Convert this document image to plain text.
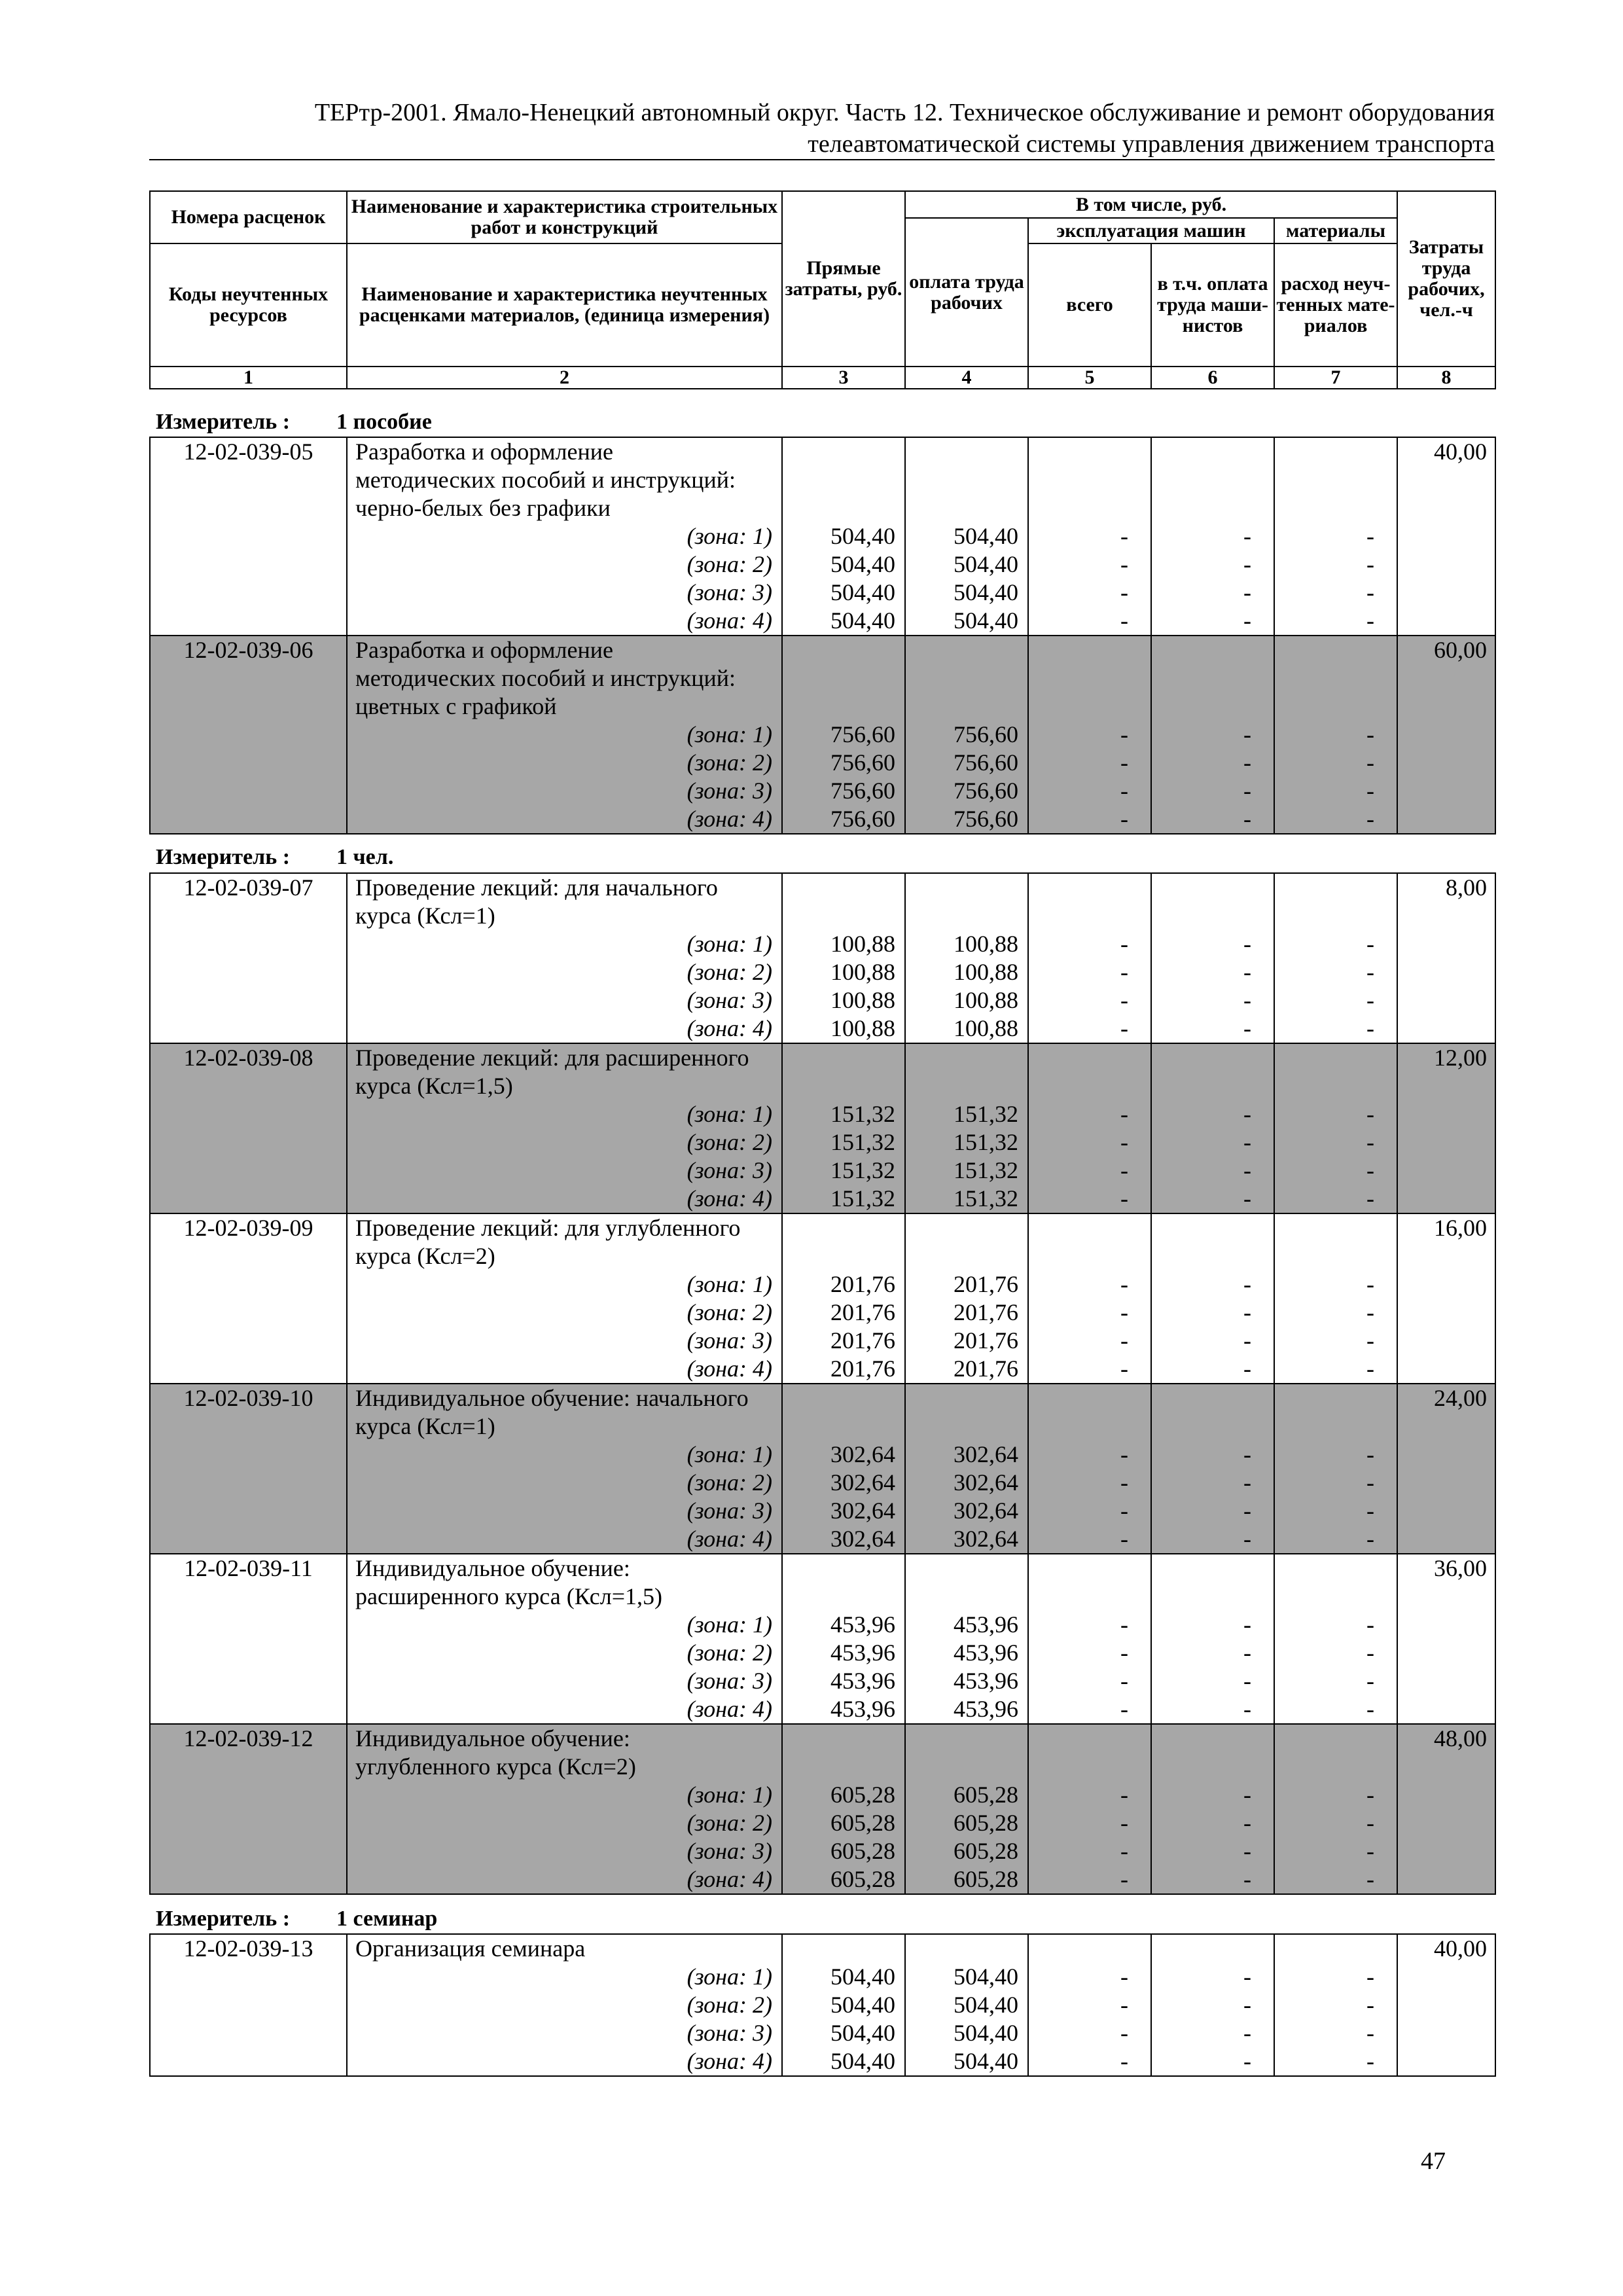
ТЕРтр-2001. Ямало-Ненецкий автономный округ. Часть 12. Техническое обслуживание и ремонт оборудования
телеавтоматической системы управления движением транспорта
Номера расценок	Наименование и характеристика строительных работ и конструкций	Прямые затраты, руб.	В том числе, руб.				Затраты труда рабочих, чел.-ч
			оплата труда рабочих	эксплуатация машин		материалы	
Коды неучтенных ресурсов	Наименование и характеристика неучтенных расценками материалов, (единица измерения)			всего	в т.ч. оплата труда маши-нистов	расход неуч-тенных мате-риалов	

1	2	3	4	5	6	7	8
Измеритель : 1 пособие
12-02-039-05	Разработка и оформление						40,00
	методических пособий и инструкций:						
	черно-белых без графики						
	(зона: 1)	504,40	504,40	-	-	-	
	(зона: 2)	504,40	504,40	-	-	-	
	(зона: 3)	504,40	504,40	-	-	-	
	(зона: 4)	504,40	504,40	-	-	-	
12-02-039-06	Разработка и оформление						60,00
	методических пособий и инструкций:						
	цветных с графикой						
	(зона: 1)	756,60	756,60	-	-	-	
	(зона: 2)	756,60	756,60	-	-	-	
	(зона: 3)	756,60	756,60	-	-	-	
	(зона: 4)	756,60	756,60	-	-	-	
Измеритель : 1 чел.
12-02-039-07	Проведение лекций: для начального						8,00
	курса (Ксл=1)						
	(зона: 1)	100,88	100,88	-	-	-	
	(зона: 2)	100,88	100,88	-	-	-	
	(зона: 3)	100,88	100,88	-	-	-	
	(зона: 4)	100,88	100,88	-	-	-	
12-02-039-08	Проведение лекций: для расширенного						12,00
	курса (Ксл=1,5)						
	(зона: 1)	151,32	151,32	-	-	-	
	(зона: 2)	151,32	151,32	-	-	-	
	(зона: 3)	151,32	151,32	-	-	-	
	(зона: 4)	151,32	151,32	-	-	-	
12-02-039-09	Проведение лекций: для углубленного						16,00
	курса (Ксл=2)						
	(зона: 1)	201,76	201,76	-	-	-	
	(зона: 2)	201,76	201,76	-	-	-	
	(зона: 3)	201,76	201,76	-	-	-	
	(зона: 4)	201,76	201,76	-	-	-	
12-02-039-10	Индивидуальное обучение: начального						24,00
	курса (Ксл=1)						
	(зона: 1)	302,64	302,64	-	-	-	
	(зона: 2)	302,64	302,64	-	-	-	
	(зона: 3)	302,64	302,64	-	-	-	
	(зона: 4)	302,64	302,64	-	-	-	
12-02-039-11	Индивидуальное обучение:						36,00
	расширенного курса (Ксл=1,5)						
	(зона: 1)	453,96	453,96	-	-	-	
	(зона: 2)	453,96	453,96	-	-	-	
	(зона: 3)	453,96	453,96	-	-	-	
	(зона: 4)	453,96	453,96	-	-	-	
12-02-039-12	Индивидуальное обучение:						48,00
	углубленного курса (Ксл=2)						
	(зона: 1)	605,28	605,28	-	-	-	
	(зона: 2)	605,28	605,28	-	-	-	
	(зона: 3)	605,28	605,28	-	-	-	
	(зона: 4)	605,28	605,28	-	-	-	
Измеритель : 1 семинар
12-02-039-13	Организация семинара						40,00
	(зона: 1)	504,40	504,40	-	-	-	
	(зона: 2)	504,40	504,40	-	-	-	
	(зона: 3)	504,40	504,40	-	-	-	
	(зона: 4)	504,40	504,40	-	-	-	
47
